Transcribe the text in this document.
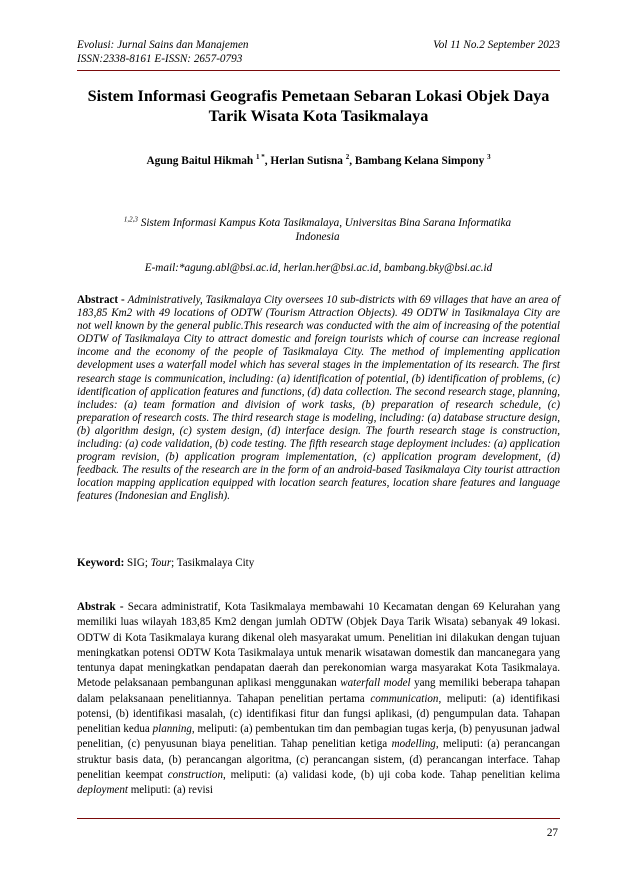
Evolusi: Jurnal Sains dan Manajemen
ISSN:2338-8161 E-ISSN: 2657-0793
Vol 11 No.2 September 2023
Sistem Informasi Geografis Pemetaan Sebaran Lokasi Objek Daya Tarik Wisata Kota Tasikmalaya
Agung Baitul Hikmah $^{1 *}$, Herlan Sutisna $^2$, Bambang Kelana Simpony $^3$
$^{1,2,3}$ Sistem Informasi Kampus Kota Tasikmalaya, Universitas Bina Sarana Informatika Indonesia
E-mail:*agung.abl@bsi.ac.id, herlan.her@bsi.ac.id, bambang.bky@bsi.ac.id
Abstract - Administratively, Tasikmalaya City oversees 10 sub-districts with 69 villages that have an area of 183,85 Km2 with 49 locations of ODTW (Tourism Attraction Objects). 49 ODTW in Tasikmalaya City are not well known by the general public.This research was conducted with the aim of increasing of the potential ODTW of Tasikmalaya City to attract domestic and foreign tourists which of course can increase regional income and the economy of the people of Tasikmalaya City. The method of implementing application development uses a waterfall model which has several stages in the implementation of its research. The first research stage is communication, including: (a) identification of potential, (b) identification of problems, (c) identification of application features and functions, (d) data collection. The second research stage, planning, includes: (a) team formation and division of work tasks, (b) preparation of research schedule, (c) preparation of research costs. The third research stage is modeling, including: (a) database structure design, (b) algorithm design, (c) system design, (d) interface design. The fourth research stage is construction, including: (a) code validation, (b) code testing. The fifth research stage deployment includes: (a) application program revision, (b) application program implementation, (c) application program development, (d) feedback. The results of the research are in the form of an android-based Tasikmalaya City tourist attraction location mapping application equipped with location search features, location share features and language features (Indonesian and English).
Keyword: SIG; Tour; Tasikmalaya City
Abstrak - Secara administratif, Kota Tasikmalaya membawahi 10 Kecamatan dengan 69 Kelurahan yang memiliki luas wilayah 183,85 Km2 dengan jumlah ODTW (Objek Daya Tarik Wisata) sebanyak 49 lokasi. ODTW di Kota Tasikmalaya kurang dikenal oleh masyarakat umum. Penelitian ini dilakukan dengan tujuan meningkatkan potensi ODTW Kota Tasikmalaya untuk menarik wisatawan domestik dan mancanegara yang tentunya dapat meningkatkan pendapatan daerah dan perekonomian warga masyarakat Kota Tasikmalaya. Metode pelaksanaan pembangunan aplikasi menggunakan waterfall model yang memiliki beberapa tahapan dalam pelaksanaan penelitiannya. Tahapan penelitian pertama communication, meliputi: (a) identifikasi potensi, (b) identifikasi masalah, (c) identifikasi fitur dan fungsi aplikasi, (d) pengumpulan data. Tahapan penelitian kedua planning, meliputi: (a) pembentukan tim dan pembagian tugas kerja, (b) penyusunan jadwal penelitian, (c) penyusunan biaya penelitian. Tahap penelitian ketiga modelling, meliputi: (a) perancangan struktur basis data, (b) perancangan algoritma, (c) perancangan sistem, (d) perancangan interface. Tahap penelitian keempat construction, meliputi: (a) validasi kode, (b) uji coba kode. Tahap penelitian kelima deployment meliputi: (a) revisi
27
